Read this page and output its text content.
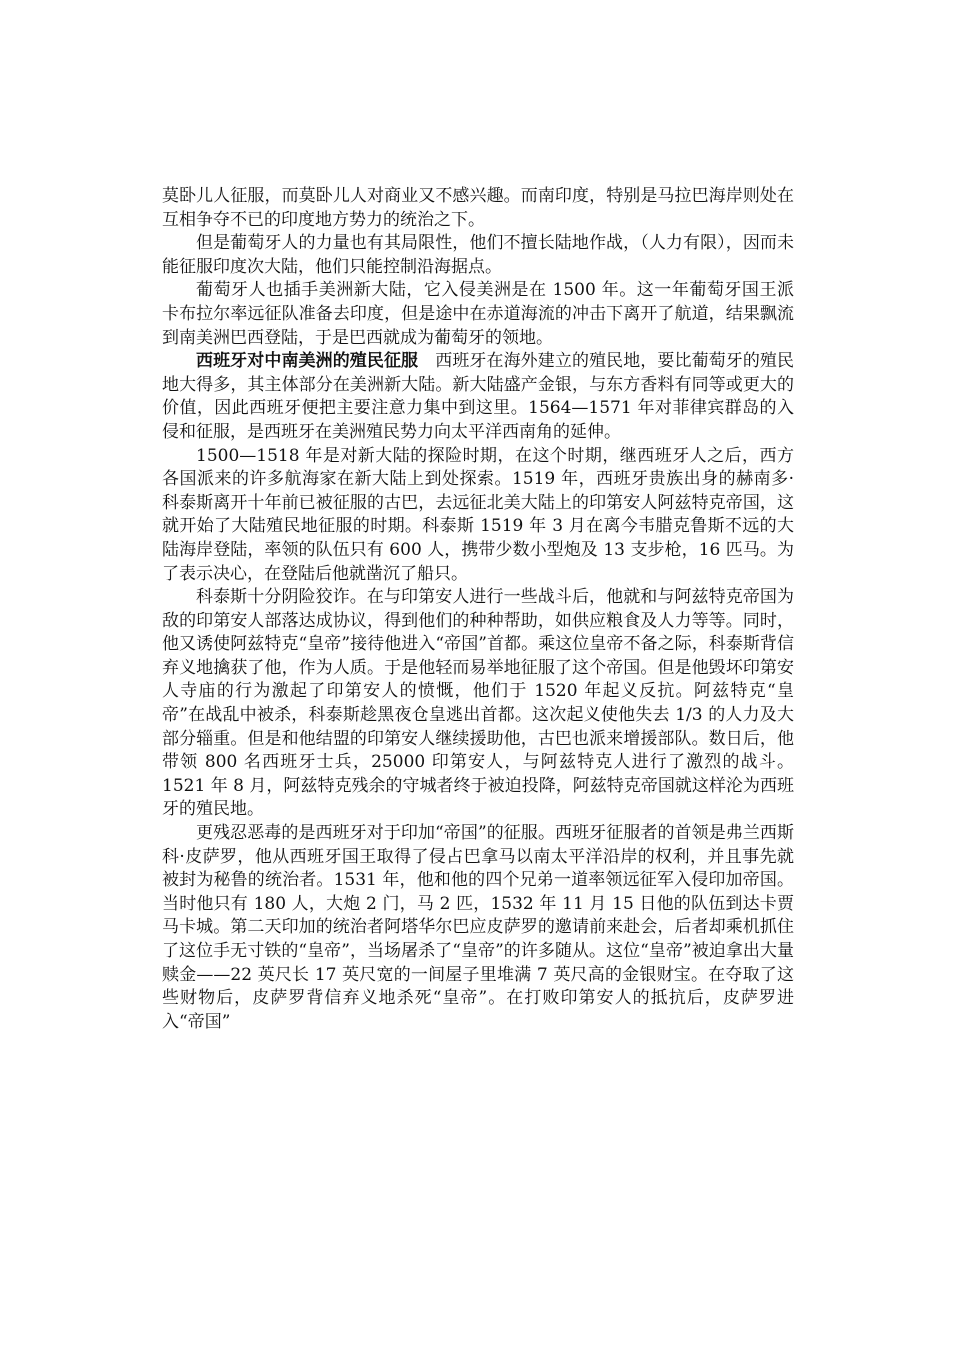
莫卧儿人征服，而莫卧儿人对商业又不感兴趣。而南印度，特别是马拉巴海岸则处在互相争夺不已的印度地方势力的统治之下。

但是葡萄牙人的力量也有其局限性，他们不擅长陆地作战，（人力有限），因而未能征服印度次大陆，他们只能控制沿海据点。

葡萄牙人也插手美洲新大陆，它入侵美洲是在 1500 年。这一年葡萄牙国王派卡布拉尔率远征队准备去印度，但是途中在赤道海流的冲击下离开了航道，结果飘流到南美洲巴西登陆，于是巴西就成为葡萄牙的领地。

西班牙对中南美洲的殖民征服　西班牙在海外建立的殖民地，要比葡萄牙的殖民地大得多，其主体部分在美洲新大陆。新大陆盛产金银，与东方香料有同等或更大的价值，因此西班牙便把主要注意力集中到这里。1564—1571 年对菲律宾群岛的入侵和征服，是西班牙在美洲殖民势力向太平洋西南角的延伸。

1500—1518 年是对新大陆的探险时期，在这个时期，继西班牙人之后，西方各国派来的许多航海家在新大陆上到处探索。1519 年，西班牙贵族出身的赫南多·科泰斯离开十年前已被征服的古巴，去远征北美大陆上的印第安人阿兹特克帝国，这就开始了大陆殖民地征服的时期。科泰斯 1519 年 3 月在离今韦腊克鲁斯不远的大陆海岸登陆，率领的队伍只有 600 人，携带少数小型炮及 13 支步枪，16 匹马。为了表示决心，在登陆后他就凿沉了船只。

科泰斯十分阴险狡诈。在与印第安人进行一些战斗后，他就和与阿兹特克帝国为敌的印第安人部落达成协议，得到他们的种种帮助，如供应粮食及人力等等。同时，他又诱使阿兹特克“皇帝”接待他进入“帝国”首都。乘这位皇帝不备之际，科泰斯背信弃义地擒获了他，作为人质。于是他轻而易举地征服了这个帝国。但是他毁坏印第安人寺庙的行为激起了印第安人的愤慨，他们于 1520 年起义反抗。阿兹特克“皇帝”在战乱中被杀，科泰斯趁黑夜仓皇逃出首都。这次起义使他失去 1/3 的人力及大部分辎重。但是和他结盟的印第安人继续援助他，古巴也派来增援部队。数日后，他带领 800 名西班牙士兵，25000 印第安人，与阿兹特克人进行了激烈的战斗。1521 年 8 月，阿兹特克残余的守城者终于被迫投降，阿兹特克帝国就这样沦为西班牙的殖民地。

更残忍恶毒的是西班牙对于印加“帝国”的征服。西班牙征服者的首领是弗兰西斯科·皮萨罗，他从西班牙国王取得了侵占巴拿马以南太平洋沿岸的权利，并且事先就被封为秘鲁的统治者。1531 年，他和他的四个兄弟一道率领远征军入侵印加帝国。当时他只有 180 人，大炮 2 门，马 2 匹，1532 年 11 月 15 日他的队伍到达卡贾马卡城。第二天印加的统治者阿塔华尔巴应皮萨罗的邀请前来赴会，后者却乘机抓住了这位手无寸铁的“皇帝”，当场屠杀了“皇帝”的许多随从。这位“皇帝”被迫拿出大量赎金——22 英尺长 17 英尺宽的一间屋子里堆满 7 英尺高的金银财宝。在夺取了这些财物后，皮萨罗背信弃义地杀死“皇帝”。在打败印第安人的抵抗后，皮萨罗进入“帝国”
